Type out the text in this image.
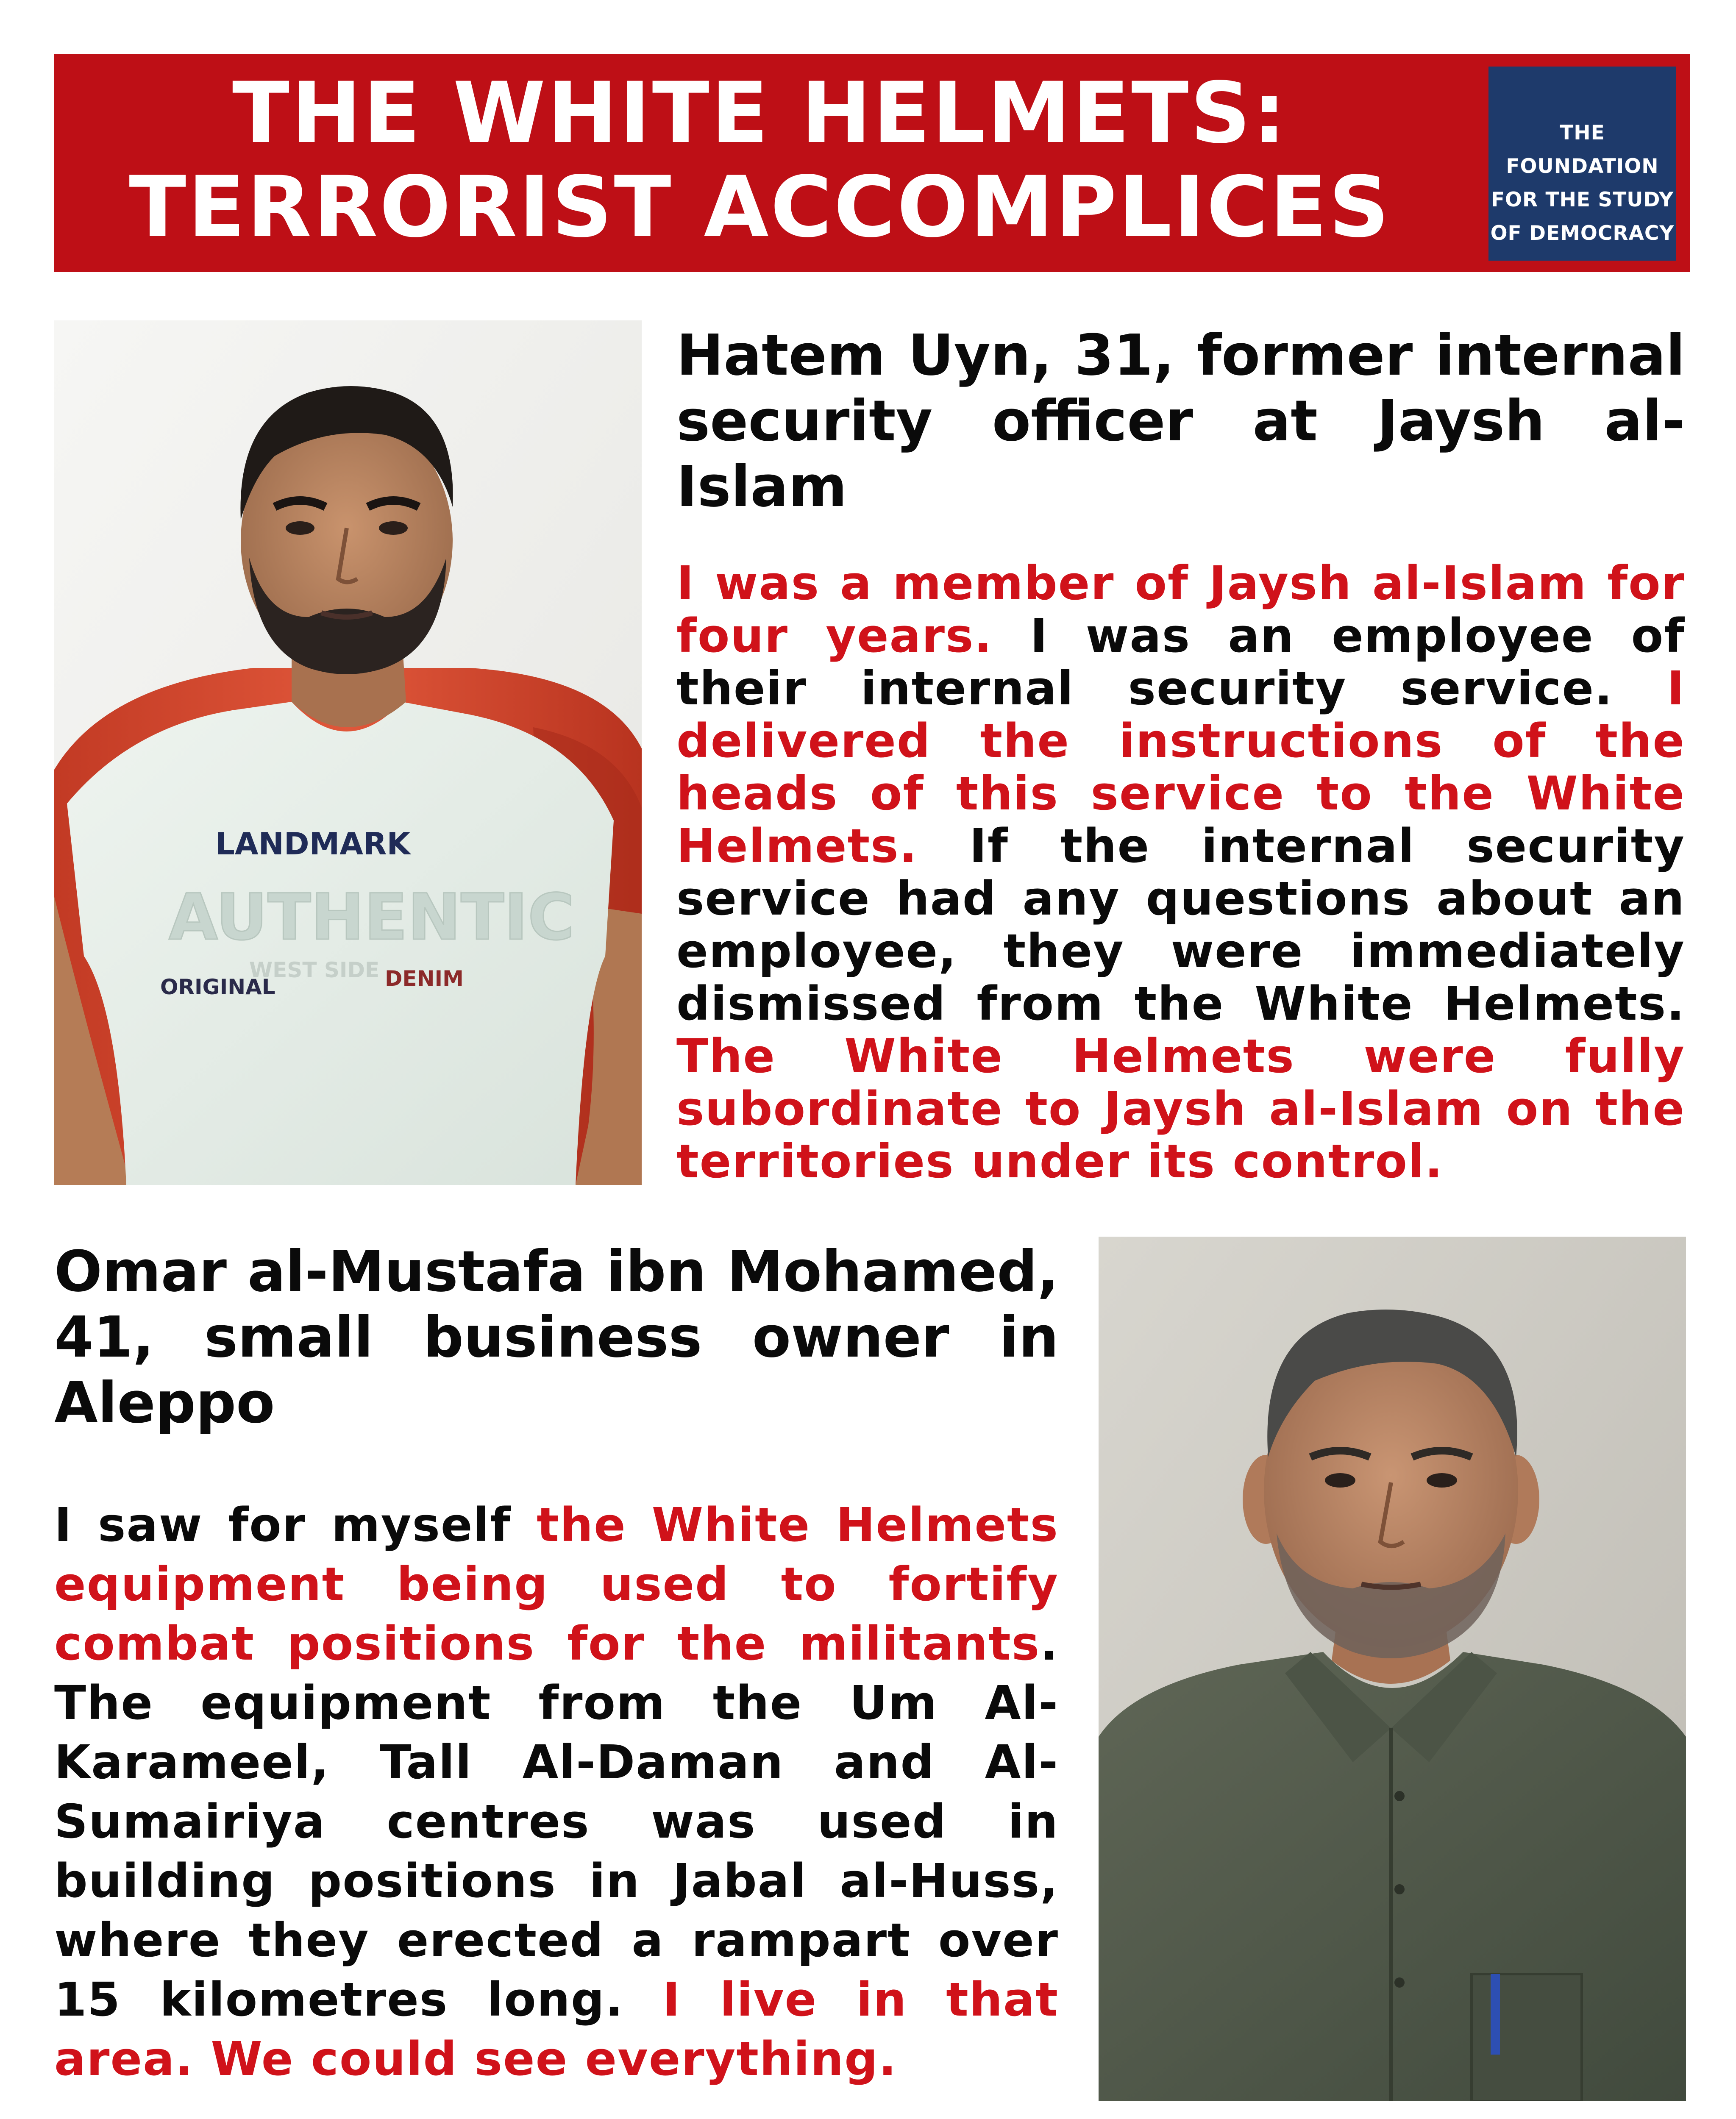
THE WHITE HELMETS:
TERRORIST ACCOMPLICES
THE FOUNDATION
FOR THE STUDY
OF DEMOCRACY
LANDMARK
AUTHENTIC
WEST SIDE
ORIGINAL	DENIM
Hatem Uyn, 31, former internal security officer at Jaysh al-Islam
I was a member of Jaysh al-Islam for four years. I was an employee of their internal security service. I delivered the instructions of the heads of this service to the White Helmets. If the internal security service had any questions about an employee, they were immediately dismissed from the White Helmets. The White Helmets were fully subordinate to Jaysh al-Islam on the territories under its control.
Omar al-Mustafa ibn Mohamed, 41, small business owner in Aleppo
I saw for myself the White Helmets equipment being used to fortify combat positions for the militants. The equipment from the Um Al-Karameel, Tall Al-Daman and Al-Sumairiya centres was used in building positions in Jabal al-Huss, where they erected a rampart over 15 kilometres long. I live in that area. We could see everything.
